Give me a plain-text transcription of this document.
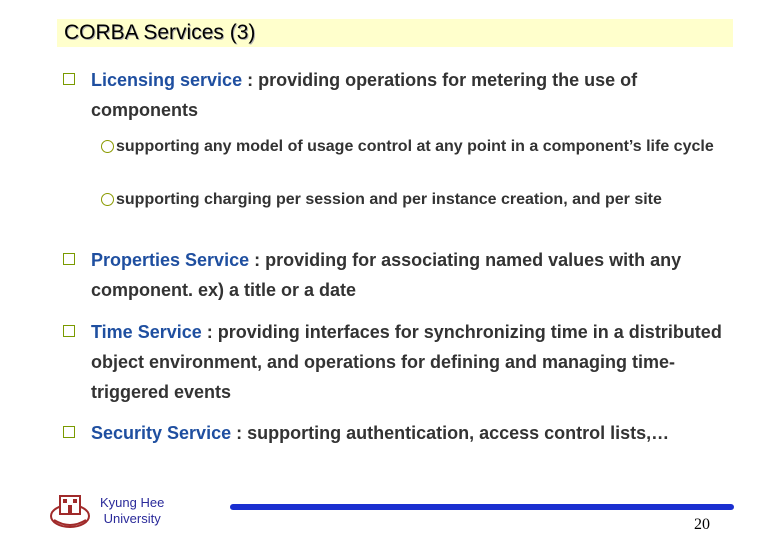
CORBA Services (3)
Licensing service : providing operations for metering the use of components
supporting any model of usage control at any point in a component’s life cycle
supporting charging per session and per instance creation, and per site
Properties Service : providing for associating named values with any component. ex) a title or a date
Time Service : providing interfaces for synchronizing time in a distributed object environment, and operations for defining and managing time-triggered events
Security Service : supporting authentication, access control lists,…
Kyung Hee
University	20
